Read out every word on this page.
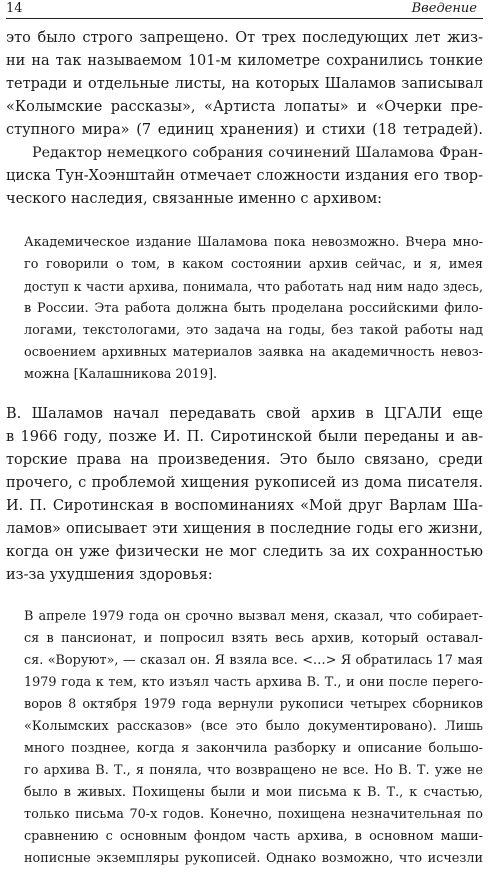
14	Введение
это было строго запрещено. От трех последующих лет жиз-
ни на так называемом 101-м километре сохранились тонкие
тетради и отдельные листы, на которых Шаламов записывал
«Колымские рассказы», «Артиста лопаты» и «Очерки пре-
ступного мира» (7 единиц хранения) и стихи (18 тетрадей).
Редактор немецкого собрания сочинений Шаламова Фран-
циска Тун-Хоэнштайн отмечает сложности издания его твор-
ческого наследия, связанные именно с архивом:
Академическое издание Шаламова пока невозможно. Вчера мно-
го говорили о том, в каком состоянии архив сейчас, и я, имея
доступ к части архива, понимала, что работать над ним надо здесь,
в России. Эта работа должна быть проделана российскими фило-
логами, текстологами, это задача на годы, без такой работы над
освоением архивных материалов заявка на академичность невоз-
можна [Калашникова 2019].
В. Шаламов начал передавать свой архив в ЦГАЛИ еще
в 1966 году, позже И. П. Сиротинской были переданы и ав-
торские права на произведения. Это было связано, среди
прочего, с проблемой хищения рукописей из дома писателя.
И. П. Сиротинская в воспоминаниях «Мой друг Варлам Ша-
ламов» описывает эти хищения в последние годы его жизни,
когда он уже физически не мог следить за их сохранностью
из-за ухудшения здоровья:
В апреле 1979 года он срочно вызвал меня, сказал, что собирает-
ся в пансионат, и попросил взять весь архив, который оставал-
ся. «Воруют», — сказал он. Я взяла все. <…> Я обратилась 17 мая
1979 года к тем, кто изъял часть архива В. Т., и они после перего-
воров 8 октября 1979 года вернули рукописи четырех сборников
«Колымских рассказов» (все это было документировано). Лишь
много позднее, когда я закончила разборку и описание большо-
го архива В. Т., я поняла, что возвращено не все. Но В. Т. уже не
было в живых. Похищены были и мои письма к В. Т., к счастью,
только письма 70-х годов. Конечно, похищена незначительная по
сравнению с основным фондом часть архива, в основном маши-
нописные экземпляры рукописей. Однако возможно, что исчезли
